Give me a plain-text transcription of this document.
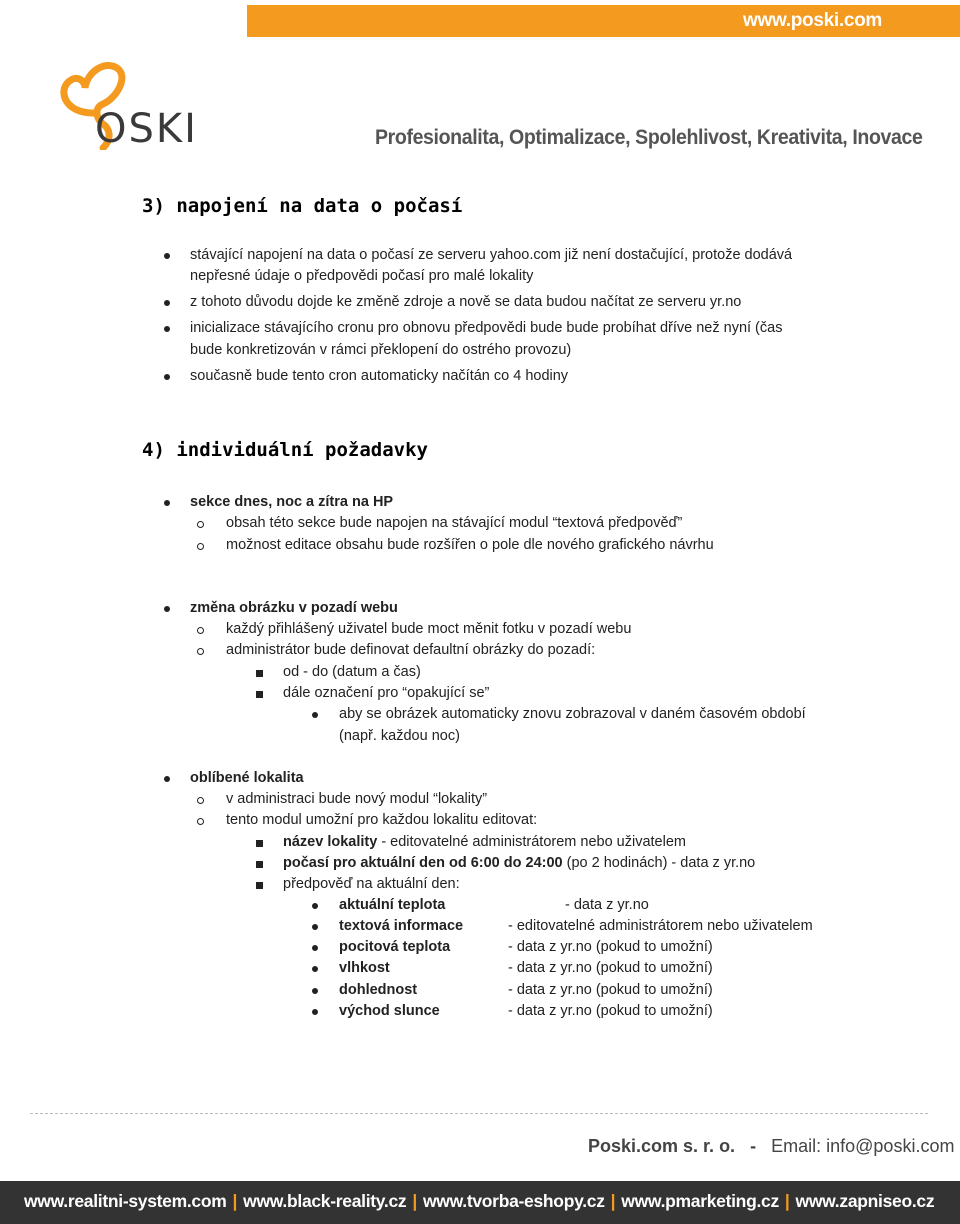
www.poski.com
OSKI	Profesionalita, Optimalizace, Spolehlivost, Kreativita, Inovace
3) napojení na data o počasí
stávající napojení na data o počasí ze serveru yahoo.com již není dostačující, protože dodává
nepřesné údaje o předpovědi počasí pro malé lokality
z tohoto důvodu dojde ke změně zdroje a nově se data budou načítat ze serveru yr.no
inicializace stávajícího cronu pro obnovu předpovědi bude bude probíhat dříve než nyní (čas
bude konkretizován v rámci překlopení do ostrého provozu)
současně bude tento cron automaticky načítán co 4 hodiny
4) individuální požadavky
sekce dnes, noc a zítra na HP
obsah této sekce bude napojen na stávající modul “textová předpověď”
možnost editace obsahu bude rozšířen o pole dle nového grafického návrhu
změna obrázku v pozadí webu
každý přihlášený uživatel bude moct měnit fotku v pozadí webu
administrátor bude definovat defaultní obrázky do pozadí:
od - do (datum a čas)
dále označení pro “opakující se”
aby se obrázek automaticky znovu zobrazoval v daném časovém období
(např. každou noc)
oblíbené lokalita
v administraci bude nový modul “lokality”
tento modul umožní pro každou lokalitu editovat:
název lokality - editovatelné administrátorem nebo uživatelem
počasí pro aktuální den od 6:00 do 24:00 (po 2 hodinách) - data z yr.no
předpověď na aktuální den:
aktuální teplota	- data z yr.no
textová informace	- editovatelné administrátorem nebo uživatelem
pocitová teplota	- data z yr.no (pokud to umožní)
vlhkost	- data z yr.no (pokud to umožní)
dohlednost	- data z yr.no (pokud to umožní)
východ slunce	- data z yr.no (pokud to umožní)
Poski.com s. r. o. - Email: info@poski.com
www.realitni-system.com | www.black-reality.cz | www.tvorba-eshopy.cz | www.pmarketing.cz | www.zapniseo.cz
